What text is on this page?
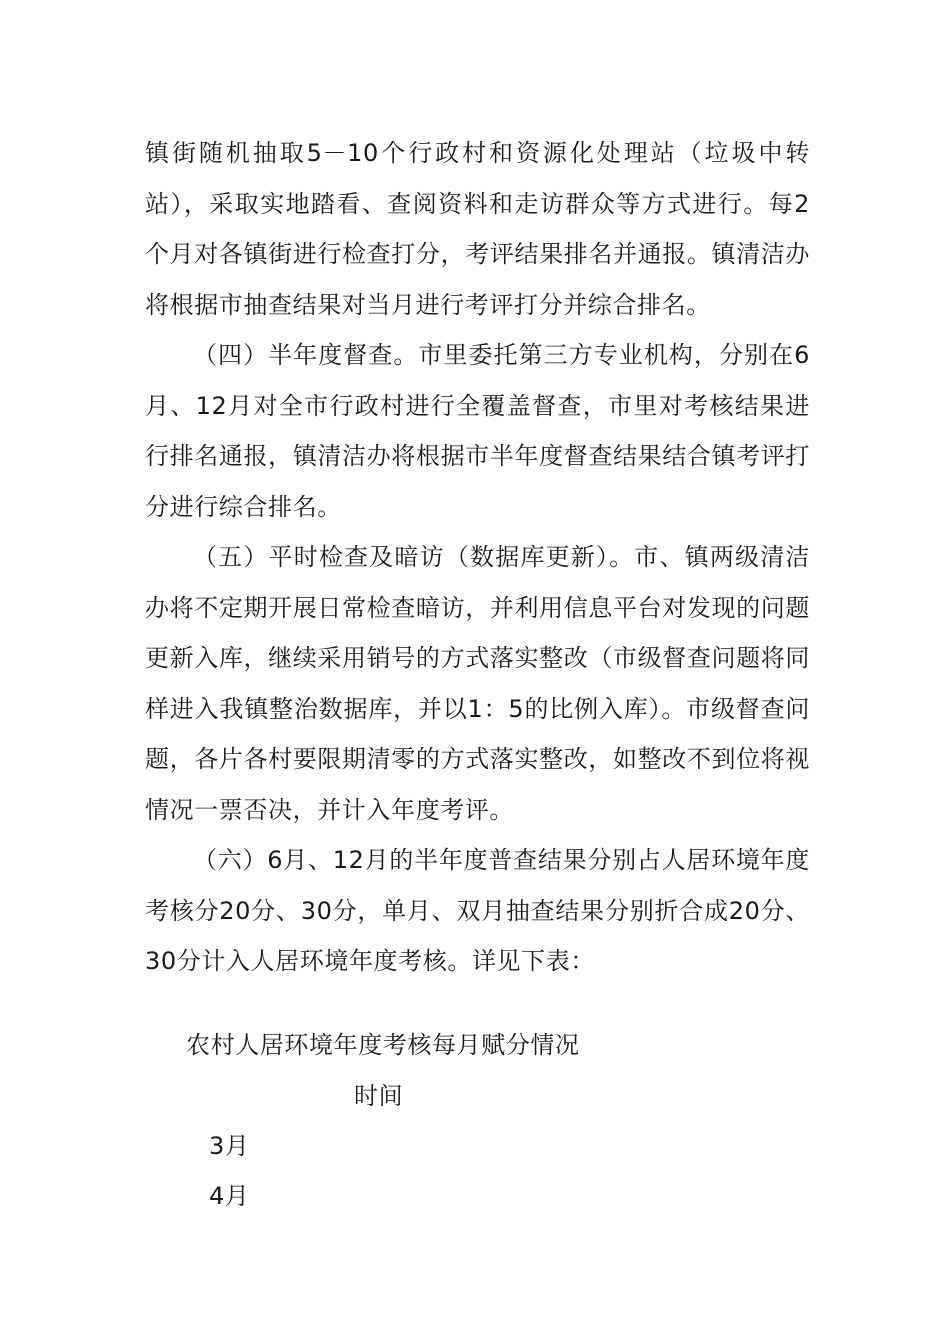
镇街随机抽取5－10个行政村和资源化处理站（垃圾中转站），采取实地踏看、查阅资料和走访群众等方式进行。每2个月对各镇街进行检查打分，考评结果排名并通报。镇清洁办将根据市抽查结果对当月进行考评打分并综合排名。

（四）半年度督查。市里委托第三方专业机构，分别在6月、12月对全市行政村进行全覆盖督查，市里对考核结果进行排名通报，镇清洁办将根据市半年度督查结果结合镇考评打分进行综合排名。

（五）平时检查及暗访（数据库更新）。市、镇两级清洁办将不定期开展日常检查暗访，并利用信息平台对发现的问题更新入库，继续采用销号的方式落实整改（市级督查问题将同样进入我镇整治数据库，并以1：5的比例入库）。市级督查问题，各片各村要限期清零的方式落实整改，如整改不到位将视情况一票否决，并计入年度考评。

（六）6月、12月的半年度普查结果分别占人居环境年度考核分20分、30分，单月、双月抽查结果分别折合成20分、30分计入人居环境年度考核。详见下表：

农村人居环境年度考核每月赋分情况
时间
3月
4月
